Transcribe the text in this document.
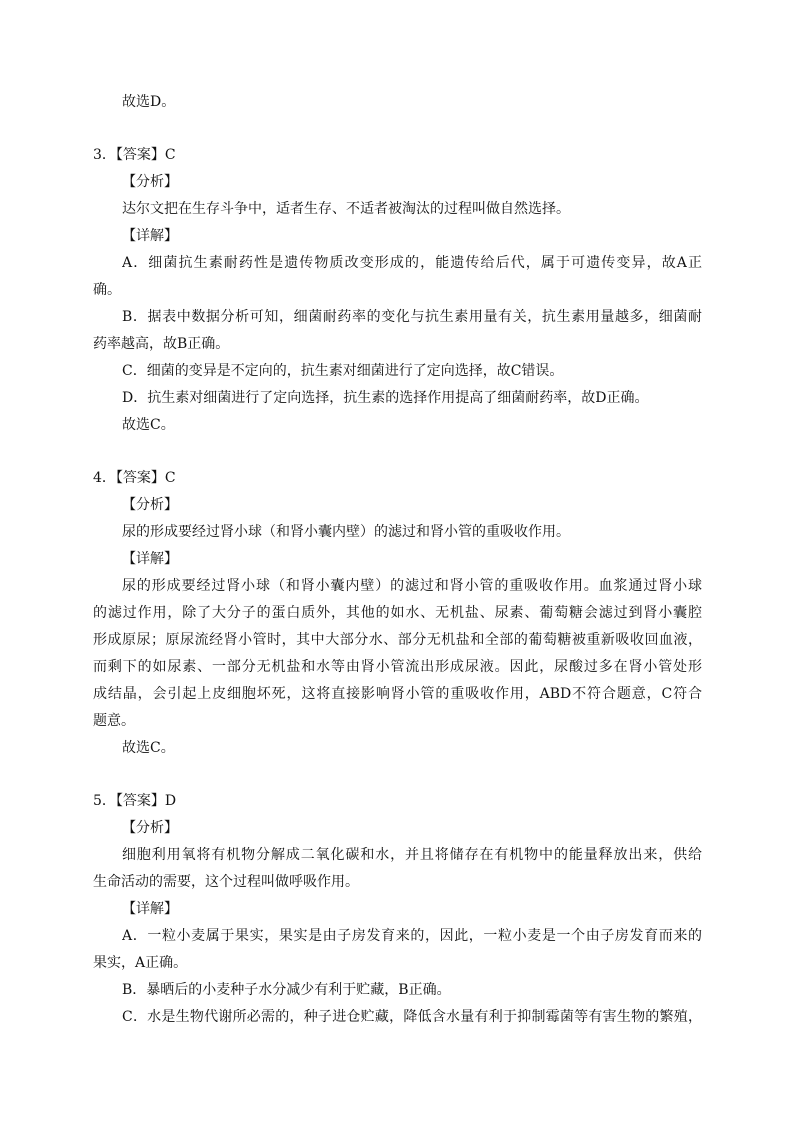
故选D。
3．【答案】C
【分析】
达尔文把在生存斗争中，适者生存、不适者被淘汰的过程叫做自然选择。
【详解】
A．细菌抗生素耐药性是遗传物质改变形成的，能遗传给后代，属于可遗传变异，故A正
确。
B．据表中数据分析可知，细菌耐药率的变化与抗生素用量有关，抗生素用量越多，细菌耐
药率越高，故B正确。
C．细菌的变异是不定向的，抗生素对细菌进行了定向选择，故C错误。
D．抗生素对细菌进行了定向选择，抗生素的选择作用提高了细菌耐药率，故D正确。
故选C。
4．【答案】C
【分析】
尿的形成要经过肾小球（和肾小囊内壁）的滤过和肾小管的重吸收作用。
【详解】
尿的形成要经过肾小球（和肾小囊内壁）的滤过和肾小管的重吸收作用。血浆通过肾小球
的滤过作用，除了大分子的蛋白质外，其他的如水、无机盐、尿素、葡萄糖会滤过到肾小囊腔
形成原尿；原尿流经肾小管时，其中大部分水、部分无机盐和全部的葡萄糖被重新吸收回血液，
而剩下的如尿素、一部分无机盐和水等由肾小管流出形成尿液。因此，尿酸过多在肾小管处形
成结晶，会引起上皮细胞坏死，这将直接影响肾小管的重吸收作用，ABD不符合题意，C符合
题意。
故选C。
5．【答案】D
【分析】
细胞利用氧将有机物分解成二氧化碳和水，并且将储存在有机物中的能量释放出来，供给
生命活动的需要，这个过程叫做呼吸作用。
【详解】
A．一粒小麦属于果实，果实是由子房发育来的，因此，一粒小麦是一个由子房发育而来的
果实，A正确。
B．暴晒后的小麦种子水分减少有利于贮藏，B正确。
C．水是生物代谢所必需的，种子进仓贮藏，降低含水量有利于抑制霉菌等有害生物的繁殖，
